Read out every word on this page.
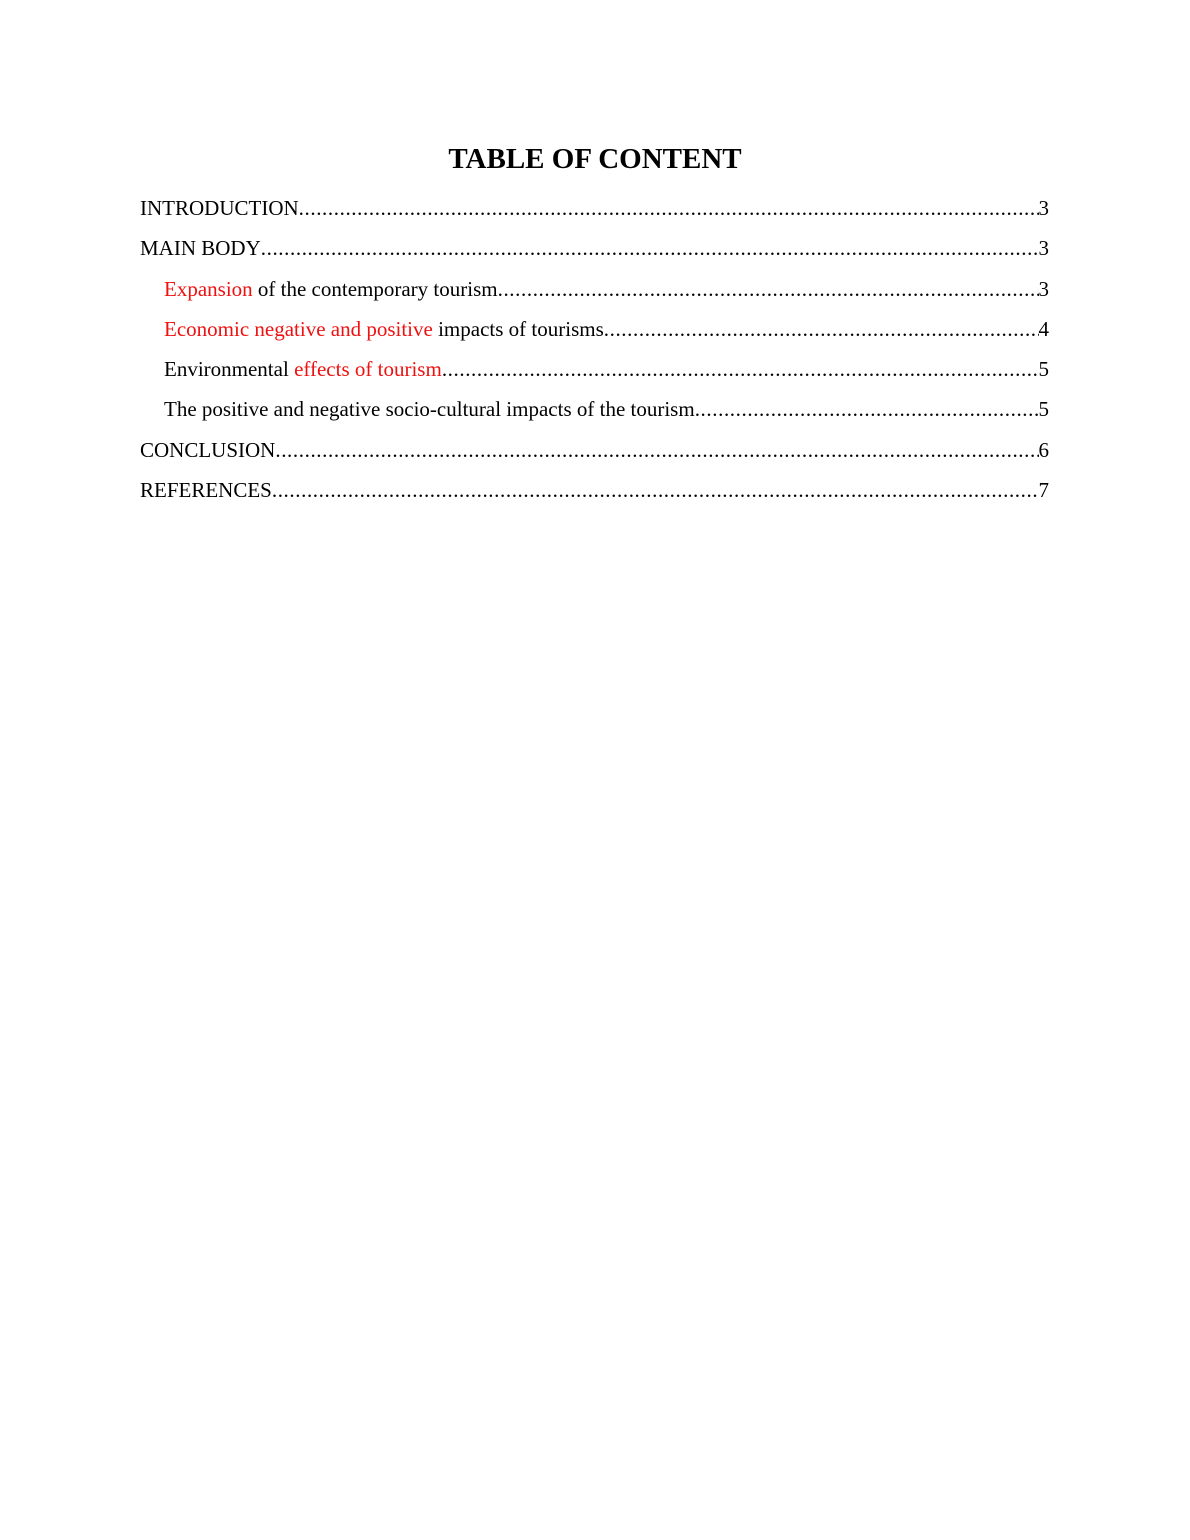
TABLE OF CONTENT
INTRODUCTION .....	3
MAIN BODY .....	3
Expansion of the contemporary tourism .....	3
Economic negative and positive impacts of tourisms .....	4
Environmental effects of tourism .....	5
The positive and negative socio-cultural impacts of the tourism .....	5
CONCLUSION .....	6
REFERENCES .....	7
